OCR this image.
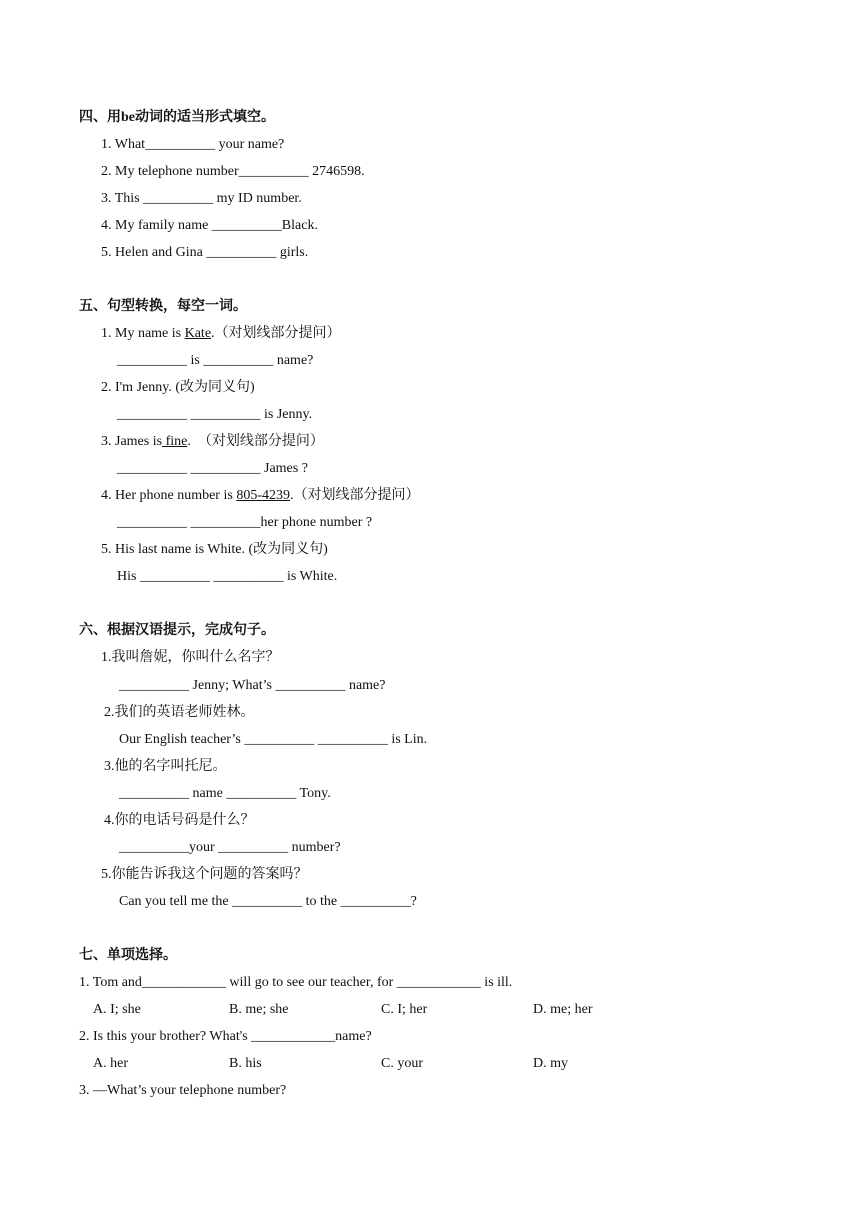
四、用be动词的适当形式填空。
1. What__________ your name?
2. My telephone number__________ 2746598.
3. This __________ my ID number.
4. My family name __________Black.
5. Helen and Gina __________ girls.
五、句型转换，每空一词。
1. My name is Kate.（对划线部分提问）
__________ is __________ name?
2. I'm Jenny. (改为同义句)
__________ __________ is Jenny.
3. James is fine.  （对划线部分提问）
__________ __________ James ?
4. Her phone number is 805-4239.（对划线部分提问）
__________ __________her phone number ?
5. His last name is White. (改为同义句)
His __________ __________ is White.
六、根据汉语提示，完成句子。
1.我叫詹妮，你叫什么名字？
__________ Jenny; What’s __________ name?
2.我们的英语老师姓林。
Our English teacher’s __________ __________ is Lin.
3.他的名字叫托尼。
__________ name __________ Tony.
4.你的电话号码是什么？
__________your __________ number?
5.你能告诉我这个问题的答案吗？
Can you tell me the __________ to the __________?
七、单项选择。
1. Tom and____________ will go to see our teacher, for ____________ is ill.
A. I; she	B. me; she	C. I; her	D. me; her
2. Is this your brother? What's ____________name?
A. her	B. his	C. your	D. my
3. —What’s your telephone number?
